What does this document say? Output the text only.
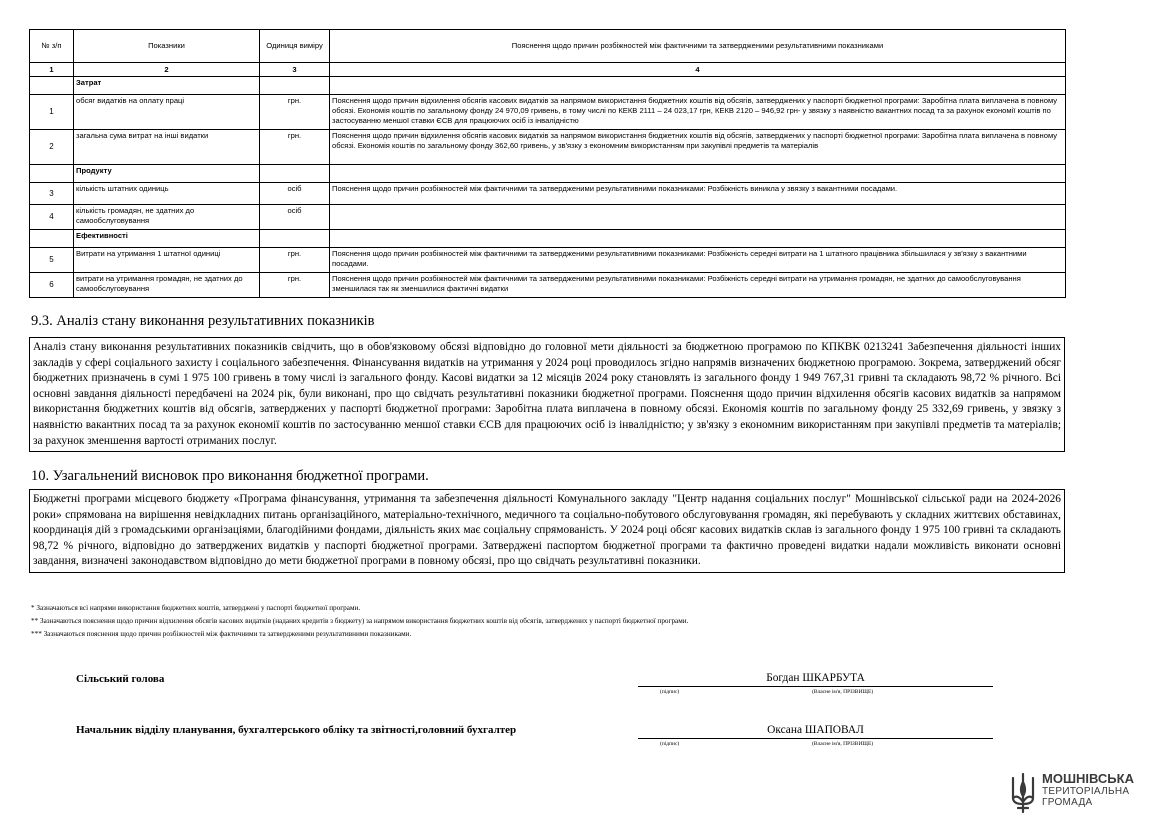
№ з/п	Показники	Одиниця виміру	Пояснення щодо причин розбіжностей між фактичними та затвердженими результативними показниками
1	2	3	4
	Затрат		
1	обсяг видатків на оплату праці	грн.	Пояснення щодо причин відхилення обсягів касових видатків за напрямом використання бюджетних коштів від обсягів, затверджених у паспорті бюджетної програми: Заробітна плата виплачена в повному обсязі. Економія коштів по загальному фонду 24 970,09 гривень, в тому числі по КЕКВ 2111 – 24 023,17 грн, КЕКВ 2120 – 946,92 грн- у звязку з наявністю вакантних посад та за рахунок економії коштів по застосуванню меншої ставки ЄСВ для працюючих осіб із інвалідністю
2	загальна сума витрат на інші видатки	грн.	Пояснення щодо причин відхилення обсягів касових видатків за напрямом використання бюджетних коштів від обсягів, затверджених у паспорті бюджетної програми: Заробітна плата виплачена в повному обсязі. Економія коштів по загальному фонду 362,60 гривень, у зв'язку з економним використанням при закупівлі предметів та матеріалів
	Продукту		
3	кількість штатних одиниць	осіб	Пояснення щодо причин розбіжностей між фактичними та затвердженими результативними показниками: Розбіжність виникла у звязку з вакантними посадами.
4	кількість громадян, не здатних до самообслуговування	осіб	
	Ефективності		
5	Витрати на утримання 1 штатної одиниці	грн.	Пояснення щодо причин розбіжностей між фактичними та затвердженими результативними показниками: Розбіжність середні витрати на 1 штатного працівника збільшилася у зв'язку з вакантними посадами.
6	витрати на утримання громадян, не здатних до самообслуговування	грн.	Пояснення щодо причин розбіжностей між фактичними та затвердженими результативними показниками: Розбіжність середні витрати на утримання громадян, не здатних до самообслуговування зменшилася так як зменшилися фактичні видатки
9.3. Аналіз стану виконання результативних показників
Аналіз стану виконання результативних показників свідчить, що в обов'язковому обсязі відповідно до головної мети діяльності за бюджетною програмою по КПКВК 0213241 Забезпечення діяльності інших закладів у сфері соціального захисту і соціального забезпечення. Фінансування видатків на утримання у 2024 році проводилось згідно напрямів визначених бюджетною програмою. Зокрема, затверджений обсяг бюджетних призначень в сумі 1 975 100 гривень в тому числі із загального фонду. Касові видатки за 12 місяців 2024 року становлять із загального фонду 1 949 767,31 гривні та складають 98,72 % річного. Всі основні завдання діяльності передбачені на 2024 рік, були виконані, про що свідчать результативні показники бюджетної програми. Пояснення щодо причин відхилення обсягів касових видатків за напрямом використання бюджетних коштів від обсягів, затверджених у паспорті бюджетної програми: Заробітна плата виплачена в повному обсязі. Економія коштів по загальному фонду 25 332,69 гривень, у звязку з наявністю вакантних посад та за рахунок економії коштів по застосуванню меншої ставки ЄСВ для працюючих осіб із інвалідністю; у зв'язку з економним використанням при закупівлі предметів та матеріалів; за рахунок зменшення вартості отриманих послуг.
10. Узагальнений висновок про виконання бюджетної програми.
Бюджетні програми місцевого бюджету «Програма фінансування, утримання та забезпечення діяльності Комунального закладу "Центр надання соціальних послуг" Мошнівської сільської ради на 2024-2026 роки» спрямована на вирішення невідкладних питань організаційного, матеріально-технічного, медичного та соціально-побутового обслуговування громадян, які перебувають у складних життєвих обставинах, координація дій з громадськими організаціями, благодійними фондами, діяльність яких має соціальну спрямованість. У 2024 році обсяг касових видатків склав із загального фонду 1 975 100 гривні та складають 98,72 % річного, відповідно до затверджених видатків у паспорті бюджетної програми. Затверджені паспортом бюджетної програми та фактично проведені видатки надали можливість виконати основні завдання, визначені законодавством відповідно до мети бюджетної програми в повному обсязі, про що свідчать результативні показники.
* Зазначаються всі напрями використання бюджетних коштів, затверджені у паспорті бюджетної програми.
** Зазначаються пояснення щодо причин відхилення обсягів касових видатків (наданих кредитів з бюджету) за напрямом використання бюджетних коштів від обсягів, затверджених у паспорті бюджетної програми.
*** Зазначаються пояснення щодо причин розбіжностей між фактичними та затвердженими результативними показниками.
Сільський голова	Богдан ШКАРБУТА
(підпис)	(Власне ім'я, ПРІЗВИЩЕ)
Начальник відділу планування, бухгалтерського обліку та звітності,головний бухгалтер	Оксана ШАПОВАЛ
(підпис)	(Власне ім'я, ПРІЗВИЩЕ)
МОШНІВСЬКА
ТЕРИТОРІАЛЬНА
ГРОМАДА
